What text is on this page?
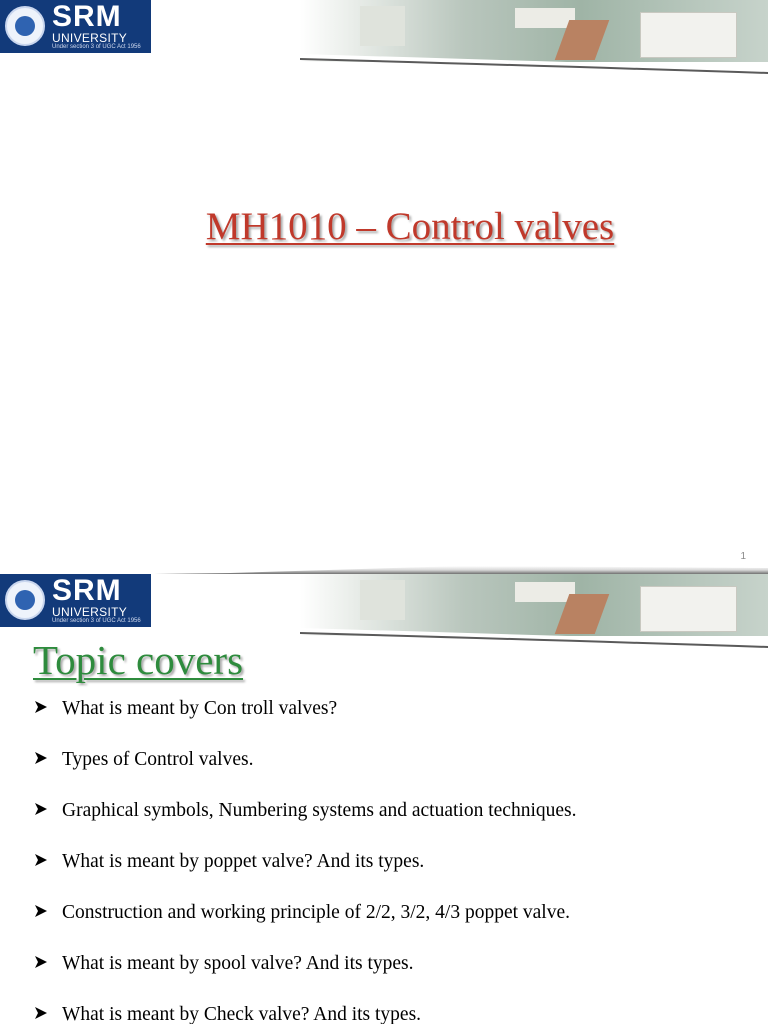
SRM
UNIVERSITY
Under section 3 of UGC Act 1956
MH1010 – Control valves
1
SRM
UNIVERSITY
Under section 3 of UGC Act 1956
Topic covers
What is meant by Con troll valves?
Types of Control valves.
Graphical symbols, Numbering systems and actuation techniques.
What is meant by poppet valve? And its types.
Construction and working principle of 2/2, 3/2, 4/3 poppet valve.
What is meant by spool valve? And its types.
What is meant by Check valve? And its types.
